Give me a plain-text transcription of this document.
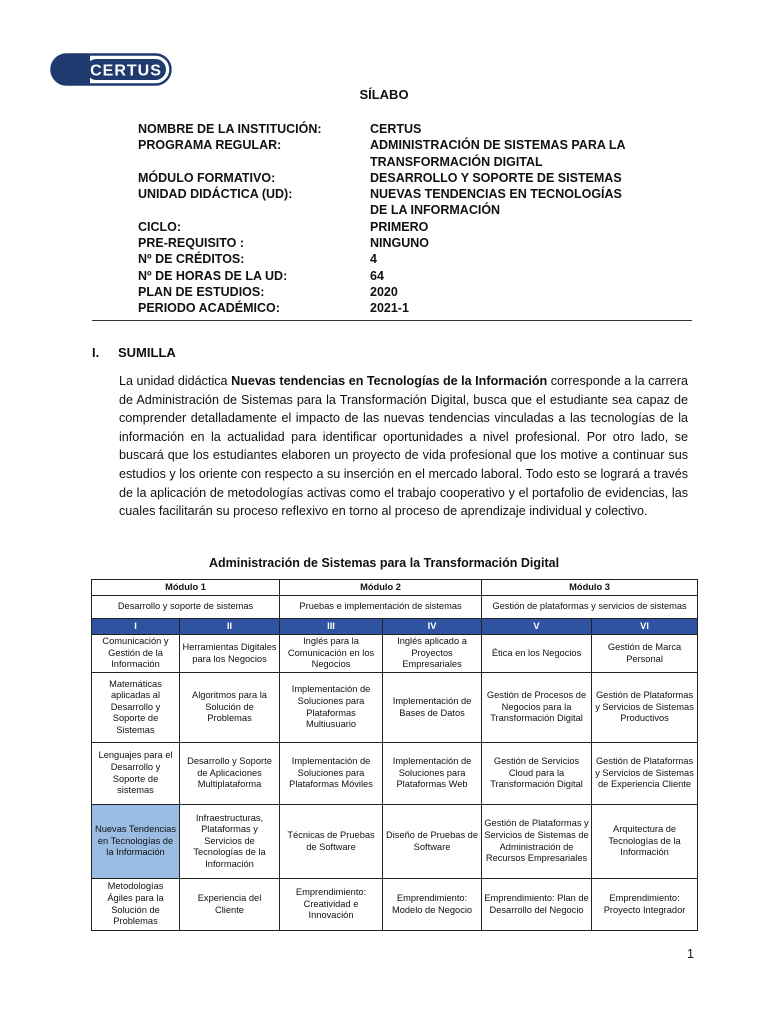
CERTUS
SÍLABO
NOMBRE DE LA INSTITUCIÓN:	CERTUS
PROGRAMA REGULAR:	ADMINISTRACIÓN DE SISTEMAS PARA LA TRANSFORMACIÓN DIGITAL
MÓDULO FORMATIVO:	DESARROLLO Y SOPORTE DE SISTEMAS
UNIDAD DIDÁCTICA (UD):	NUEVAS TENDENCIAS EN TECNOLOGÍAS DE LA INFORMACIÓN
CICLO:	PRIMERO
PRE-REQUISITO :	NINGUNO
Nº DE CRÉDITOS:	4
Nº DE HORAS DE LA UD:	64
PLAN DE ESTUDIOS:	2020
PERIODO ACADÉMICO:	2021-1
I. SUMILLA
La unidad didáctica Nuevas tendencias en Tecnologías de la Información corresponde a la carrera de Administración de Sistemas para la Transformación Digital, busca que el estudiante sea capaz de comprender detalladamente el impacto de las nuevas tendencias vinculadas a las tecnologías de la información en la actualidad para identificar oportunidades a nivel profesional. Por otro lado, se buscará que los estudiantes elaboren un proyecto de vida profesional que los motive a continuar sus estudios y los oriente con respecto a su inserción en el mercado laboral. Todo esto se logrará a través de la aplicación de metodologías activas como el trabajo cooperativo y el portafolio de evidencias, las cuales facilitarán su proceso reflexivo en torno al proceso de aprendizaje individual y colectivo.
Administración de Sistemas para la Transformación Digital
Módulo 1		Módulo 2		Módulo 3	
Desarrollo y soporte de sistemas		Pruebas e implementación de sistemas		Gestión de plataformas y servicios de sistemas	
I	II	III	IV	V	VI
Comunicación y Gestión de la Información	Herramientas Digitales para los Negocios	Inglés para la Comunicación en los Negocios	Inglés aplicado a Proyectos Empresariales	Ética en los Negocios	Gestión de Marca Personal
Matemáticas aplicadas al Desarrollo y Soporte de Sistemas	Algoritmos para la Solución de Problemas	Implementación de Soluciones para Plataformas Multiusuario	Implementación de Bases de Datos	Gestión de Procesos de Negocios para la Transformación Digital	Gestión de Plataformas y Servicios de Sistemas Productivos
Lenguajes para el Desarrollo y Soporte de sistemas	Desarrollo y Soporte de Aplicaciones Multiplataforma	Implementación de Soluciones para Plataformas Móviles	Implementación de Soluciones para Plataformas Web	Gestión de Servicios Cloud para la Transformación Digital	Gestión de Plataformas y Servicios de Sistemas de Experiencia Cliente
Nuevas Tendencias en Tecnologías de la Información	Infraestructuras, Plataformas y Servicios de Tecnologías de la Información	Técnicas de Pruebas de Software	Diseño de Pruebas de Software	Gestión de Plataformas y Servicios de Sistemas de Administración de Recursos Empresariales	Arquitectura de Tecnologías de la Información
Metodologías Ágiles para la Solución de Problemas	Experiencia del Cliente	Emprendimiento: Creatividad e Innovación	Emprendimiento: Modelo de Negocio	Emprendimiento: Plan de Desarrollo del Negocio	Emprendimiento: Proyecto Integrador
1
